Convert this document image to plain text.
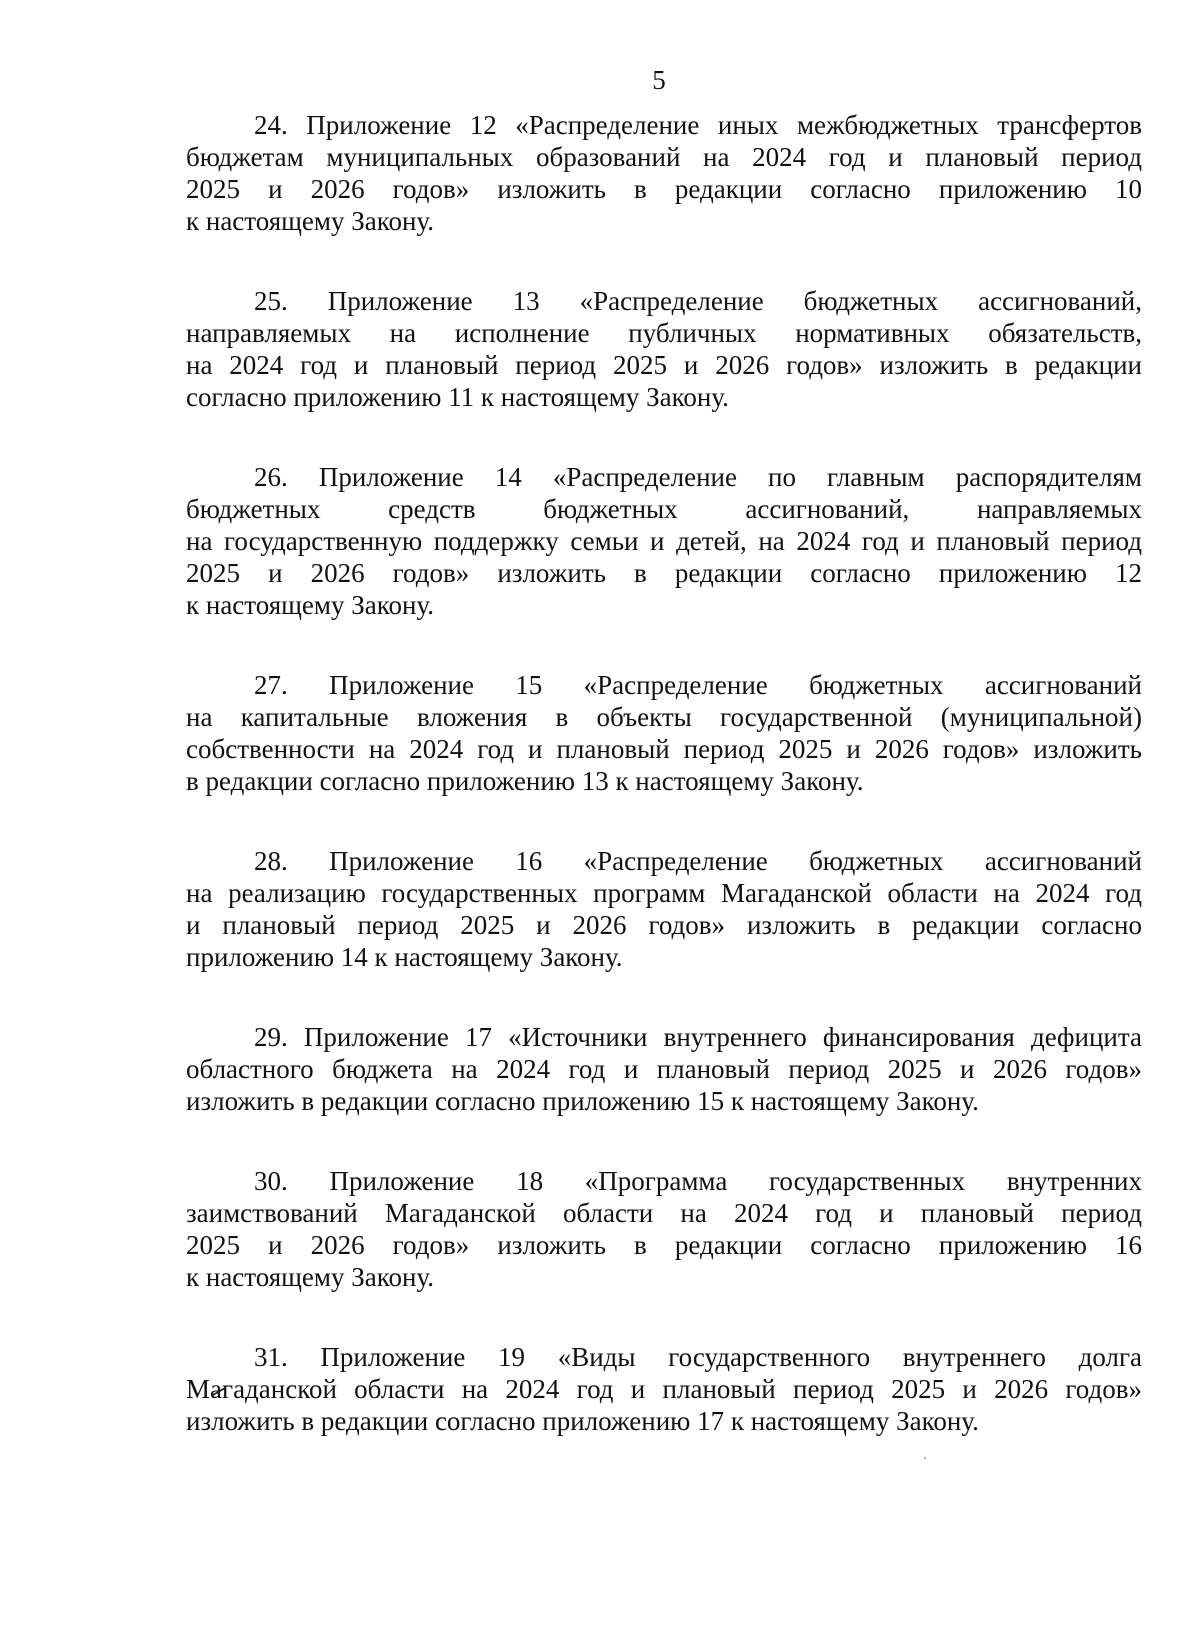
5

24. Приложение 12 «Распределение иных межбюджетных трансфертов
бюджетам муниципальных образований на 2024 год и плановый период
2025 и 2026 годов» изложить в редакции согласно приложению 10
к настоящему Закону.

25. Приложение 13 «Распределение бюджетных ассигнований,
направляемых на исполнение публичных нормативных обязательств,
на 2024 год и плановый период 2025 и 2026 годов» изложить в редакции
согласно приложению 11 к настоящему Закону.

26. Приложение 14 «Распределение по главным распорядителям
бюджетных средств бюджетных ассигнований, направляемых
на государственную поддержку семьи и детей, на 2024 год и плановый период
2025 и 2026 годов» изложить в редакции согласно приложению 12
к настоящему Закону.

27. Приложение 15 «Распределение бюджетных ассигнований
на капитальные вложения в объекты государственной (муниципальной)
собственности на 2024 год и плановый период 2025 и 2026 годов» изложить
в редакции согласно приложению 13 к настоящему Закону.

28. Приложение 16 «Распределение бюджетных ассигнований
на реализацию государственных программ Магаданской области на 2024 год
и плановый период 2025 и 2026 годов» изложить в редакции согласно
приложению 14 к настоящему Закону.

29. Приложение 17 «Источники внутреннего финансирования дефицита
областного бюджета на 2024 год и плановый период 2025 и 2026 годов»
изложить в редакции согласно приложению 15 к настоящему Закону.

30. Приложение 18 «Программа государственных внутренних
заимствований Магаданской области на 2024 год и плановый период
2025 и 2026 годов» изложить в редакции согласно приложению 16
к настоящему Закону.

31. Приложение 19 «Виды государственного внутреннего долга
Магаданской области на 2024 год и плановый период 2025 и 2026 годов»
изложить в редакции согласно приложению 17 к настоящему Закону.
